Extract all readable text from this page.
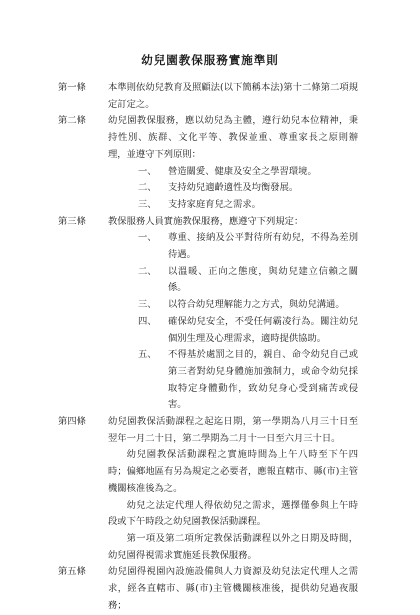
幼兒園教保服務實施準則
第一條	本準則依幼兒教育及照顧法(以下簡稱本法)第十二條第二項規定訂定之。

第二條	幼兒園教保服務，應以幼兒為主體，遵行幼兒本位精神，秉持性別、族群、文化平等、教保並重、尊重家長之原則辦理，並遵守下列原則：

一、	營造關愛、健康及安全之學習環境。
二、	支持幼兒適齡適性及均衡發展。
三、	支持家庭育兒之需求。
第三條	教保服務人員實施教保服務，應遵守下列規定：

一、	尊重、接納及公平對待所有幼兒，不得為差別待遇。
二、	以溫暖、正向之態度，與幼兒建立信賴之關係。
三、	以符合幼兒理解能力之方式，與幼兒溝通。
四、	確保幼兒安全，不受任何霸凌行為。關注幼兒個別生理及心理需求，適時提供協助。
五、	不得基於處罰之目的，親自、命令幼兒自己或第三者對幼兒身體施加強制力，或命令幼兒採取特定身體動作，致幼兒身心受到痛苦或侵害。
第四條	幼兒園教保活動課程之起迄日期，第一學期為八月三十日至翌年一月二十日，第二學期為二月十一日至六月三十日。

幼兒園教保活動課程之實施時間為上午八時至下午四時；偏鄉地區有另為規定之必要者，應報直轄市、縣(市)主管機關核准後為之。

幼兒之法定代理人得依幼兒之需求，選擇僅參與上午時段或下午時段之幼兒園教保活動課程。

第一項及第二項所定教保活動課程以外之日期及時間，幼兒園得視需求實施延長教保服務。

第五條	幼兒園得視園內設施設備與人力資源及幼兒法定代理人之需求，經各直轄市、縣(市)主管機關核准後，提供幼兒過夜服務；
